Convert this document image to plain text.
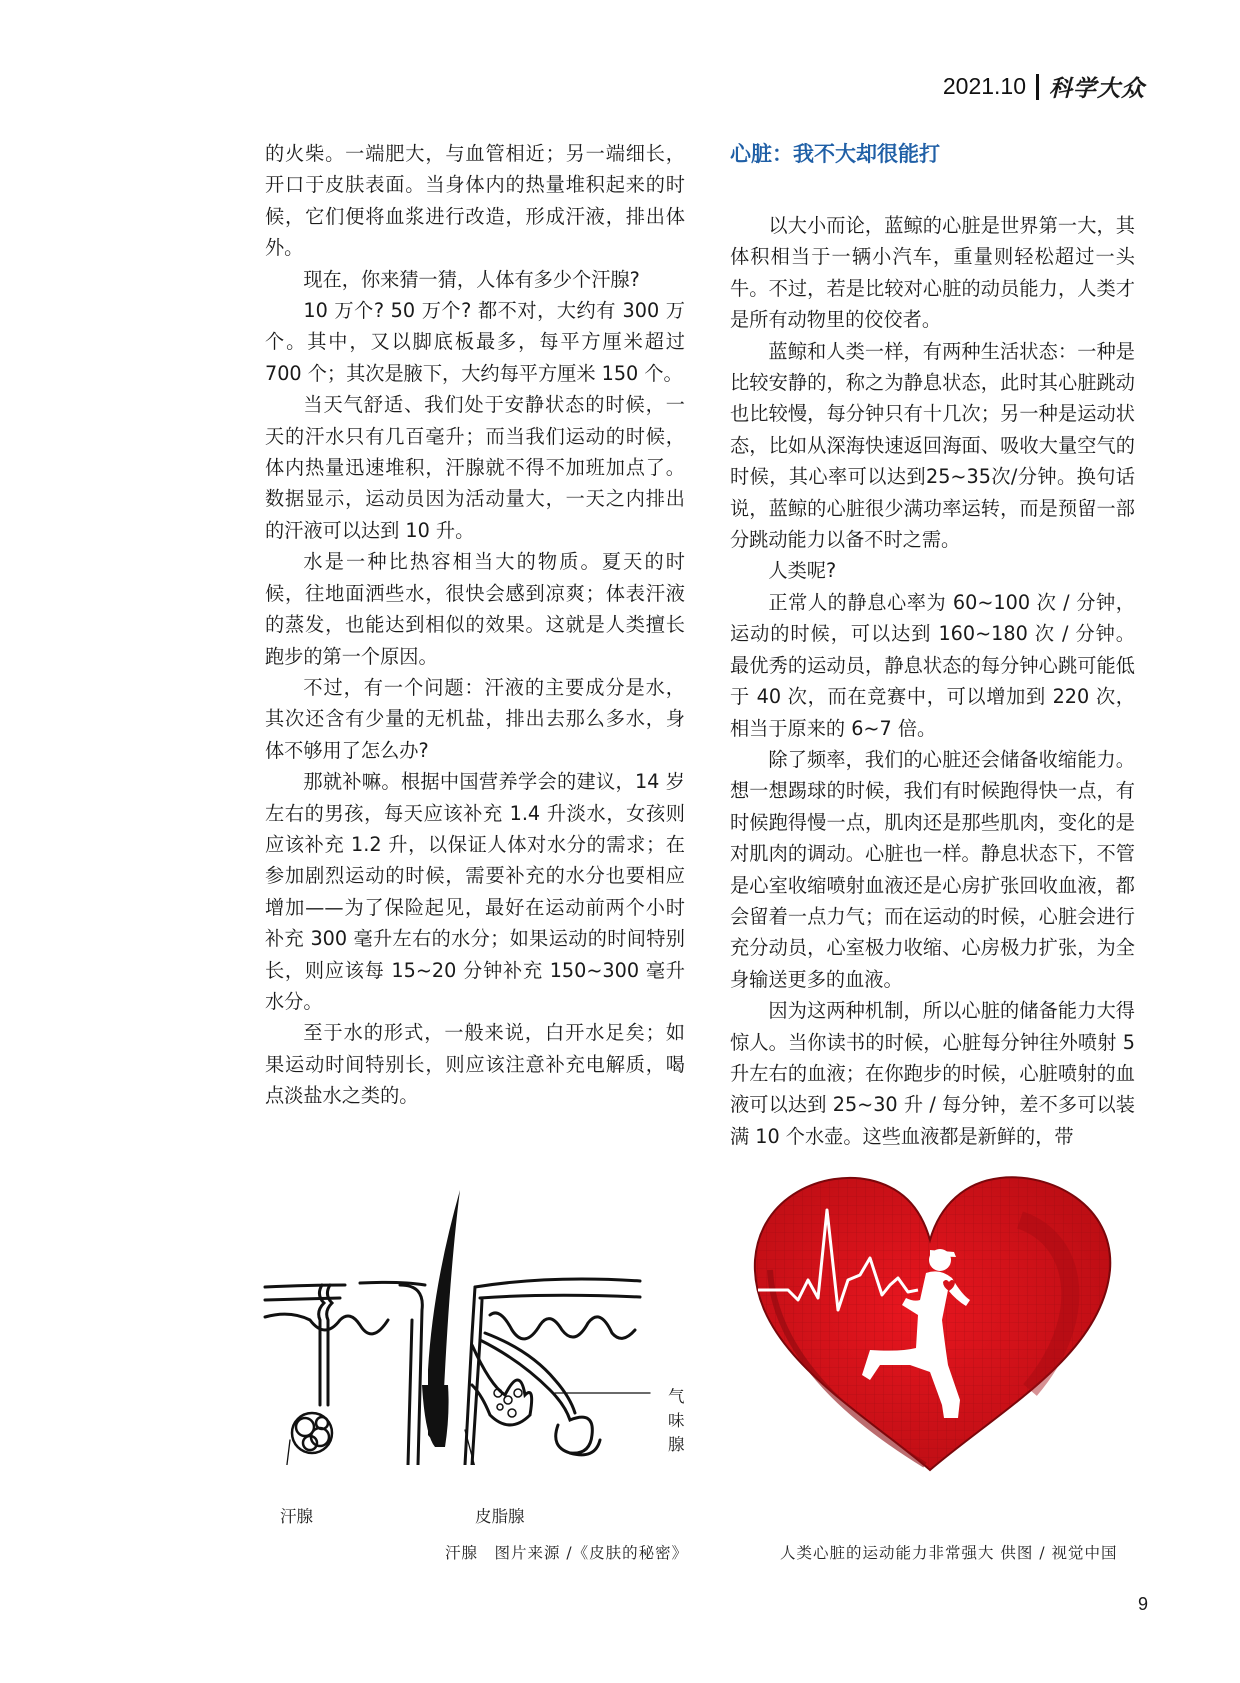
2021.10 科学大众

的火柴。一端肥大，与血管相近；另一端细长，开口于皮肤表面。当身体内的热量堆积起来的时候，它们便将血浆进行改造，形成汗液，排出体外。

现在，你来猜一猜，人体有多少个汗腺?

10 万个? 50 万个? 都不对，大约有 300 万个。其中，又以脚底板最多，每平方厘米超过 700 个；其次是腋下，大约每平方厘米 150 个。

当天气舒适、我们处于安静状态的时候，一天的汗水只有几百毫升；而当我们运动的时候，体内热量迅速堆积，汗腺就不得不加班加点了。数据显示，运动员因为活动量大，一天之内排出的汗液可以达到 10 升。

水是一种比热容相当大的物质。夏天的时候，往地面洒些水，很快会感到凉爽；体表汗液的蒸发，也能达到相似的效果。这就是人类擅长跑步的第一个原因。

不过，有一个问题：汗液的主要成分是水，其次还含有少量的无机盐，排出去那么多水，身体不够用了怎么办?

那就补嘛。根据中国营养学会的建议，14 岁左右的男孩，每天应该补充 1.4 升淡水，女孩则应该补充 1.2 升，以保证人体对水分的需求；在参加剧烈运动的时候，需要补充的水分也要相应增加——为了保险起见，最好在运动前两个小时补充 300 毫升左右的水分；如果运动的时间特别长，则应该每 15~20 分钟补充 150~300 毫升水分。

至于水的形式，一般来说，白开水足矣；如果运动时间特别长，则应该注意补充电解质，喝点淡盐水之类的。

心脏：我不大却很能打

以大小而论，蓝鲸的心脏是世界第一大，其体积相当于一辆小汽车，重量则轻松超过一头牛。不过，若是比较对心脏的动员能力，人类才是所有动物里的佼佼者。

蓝鲸和人类一样，有两种生活状态：一种是比较安静的，称之为静息状态，此时其心脏跳动也比较慢，每分钟只有十几次；另一种是运动状态，比如从深海快速返回海面、吸收大量空气的时候，其心率可以达到25~35次/分钟。换句话说，蓝鲸的心脏很少满功率运转，而是预留一部分跳动能力以备不时之需。

人类呢?

正常人的静息心率为 60~100 次 / 分钟，运动的时候，可以达到 160~180 次 / 分钟。最优秀的运动员，静息状态的每分钟心跳可能低于 40 次，而在竞赛中，可以增加到 220 次，相当于原来的 6~7 倍。

除了频率，我们的心脏还会储备收缩能力。想一想踢球的时候，我们有时候跑得快一点，有时候跑得慢一点，肌肉还是那些肌肉，变化的是对肌肉的调动。心脏也一样。静息状态下，不管是心室收缩喷射血液还是心房扩张回收血液，都会留着一点力气；而在运动的时候，心脏会进行充分动员，心室极力收缩、心房极力扩张，为全身输送更多的血液。

因为这两种机制，所以心脏的储备能力大得惊人。当你读书的时候，心脏每分钟往外喷射 5 升左右的血液；在你跑步的时候，心脏喷射的血液可以达到 25~30 升 / 每分钟，差不多可以装满 10 个水壶。这些血液都是新鲜的，带

气味腺
汗腺	皮脂腺
汗腺　图片来源 /《皮肤的秘密》	人类心脏的运动能力非常强大 供图 / 视觉中国
9
